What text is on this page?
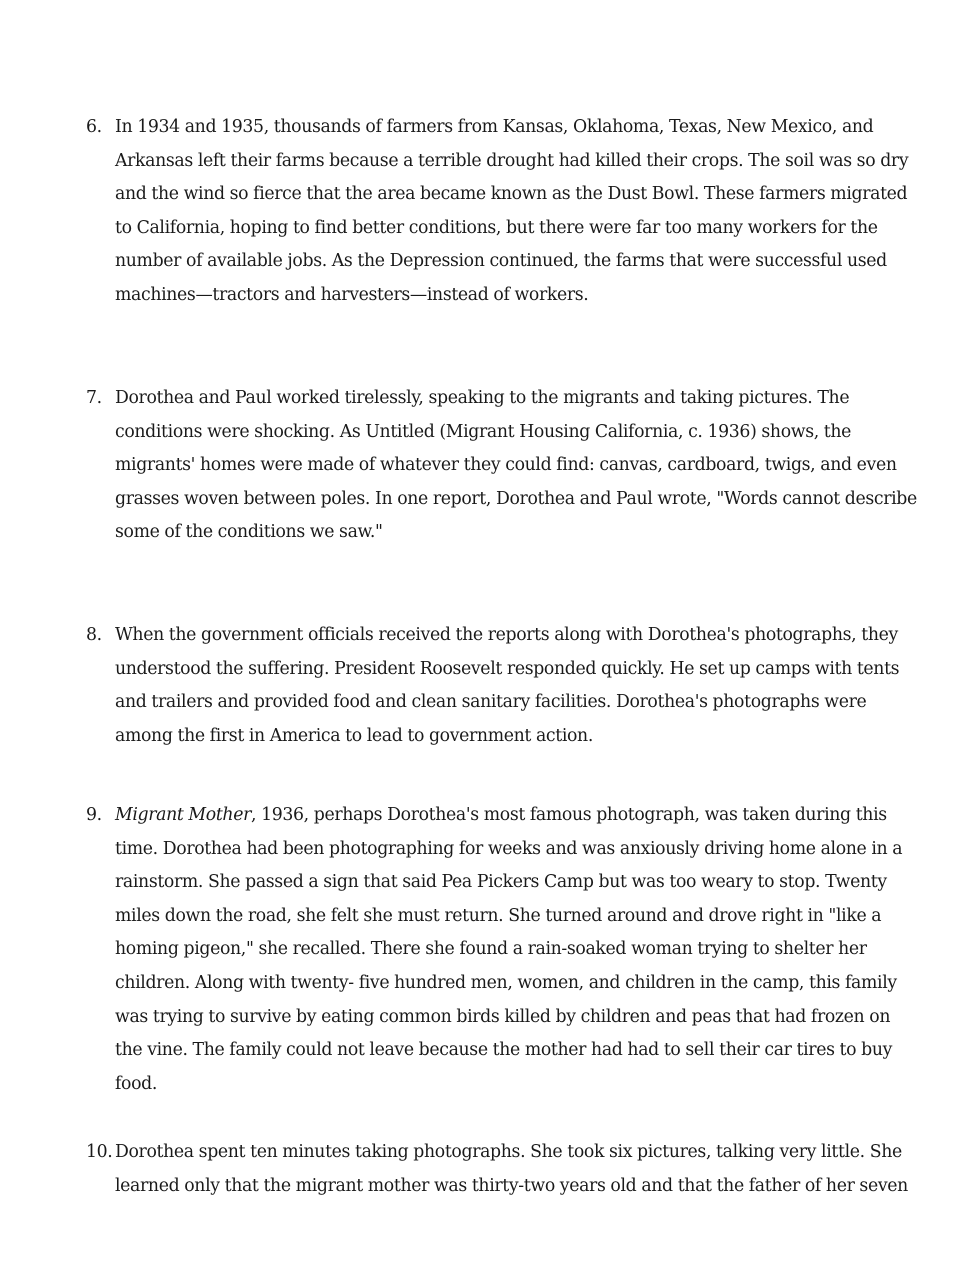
6. In 1934 and 1935, thousands of farmers from Kansas, Oklahoma, Texas, New Mexico, and Arkansas left their farms because a terrible drought had killed their crops. The soil was so dry and the wind so fierce that the area became known as the Dust Bowl. These farmers migrated to California, hoping to find better conditions, but there were far too many workers for the number of available jobs. As the Depression continued, the farms that were successful used machines—tractors and harvesters—instead of workers.
7. Dorothea and Paul worked tirelessly, speaking to the migrants and taking pictures. The conditions were shocking. As Untitled (Migrant Housing California, c. 1936) shows, the migrants' homes were made of whatever they could find: canvas, cardboard, twigs, and even grasses woven between poles. In one report, Dorothea and Paul wrote, "Words cannot describe some of the conditions we saw."
8. When the government officials received the reports along with Dorothea's photographs, they understood the suffering. President Roosevelt responded quickly. He set up camps with tents and trailers and provided food and clean sanitary facilities. Dorothea's photographs were among the first in America to lead to government action.
9. Migrant Mother, 1936, perhaps Dorothea's most famous photograph, was taken during this time. Dorothea had been photographing for weeks and was anxiously driving home alone in a rainstorm. She passed a sign that said Pea Pickers Camp but was too weary to stop. Twenty miles down the road, she felt she must return. She turned around and drove right in "like a homing pigeon," she recalled. There she found a rain-soaked woman trying to shelter her children. Along with twenty- five hundred men, women, and children in the camp, this family was trying to survive by eating common birds killed by children and peas that had frozen on the vine. The family could not leave because the mother had had to sell their car tires to buy food.
10. Dorothea spent ten minutes taking photographs. She took six pictures, talking very little. She learned only that the migrant mother was thirty-two years old and that the father of her seven
